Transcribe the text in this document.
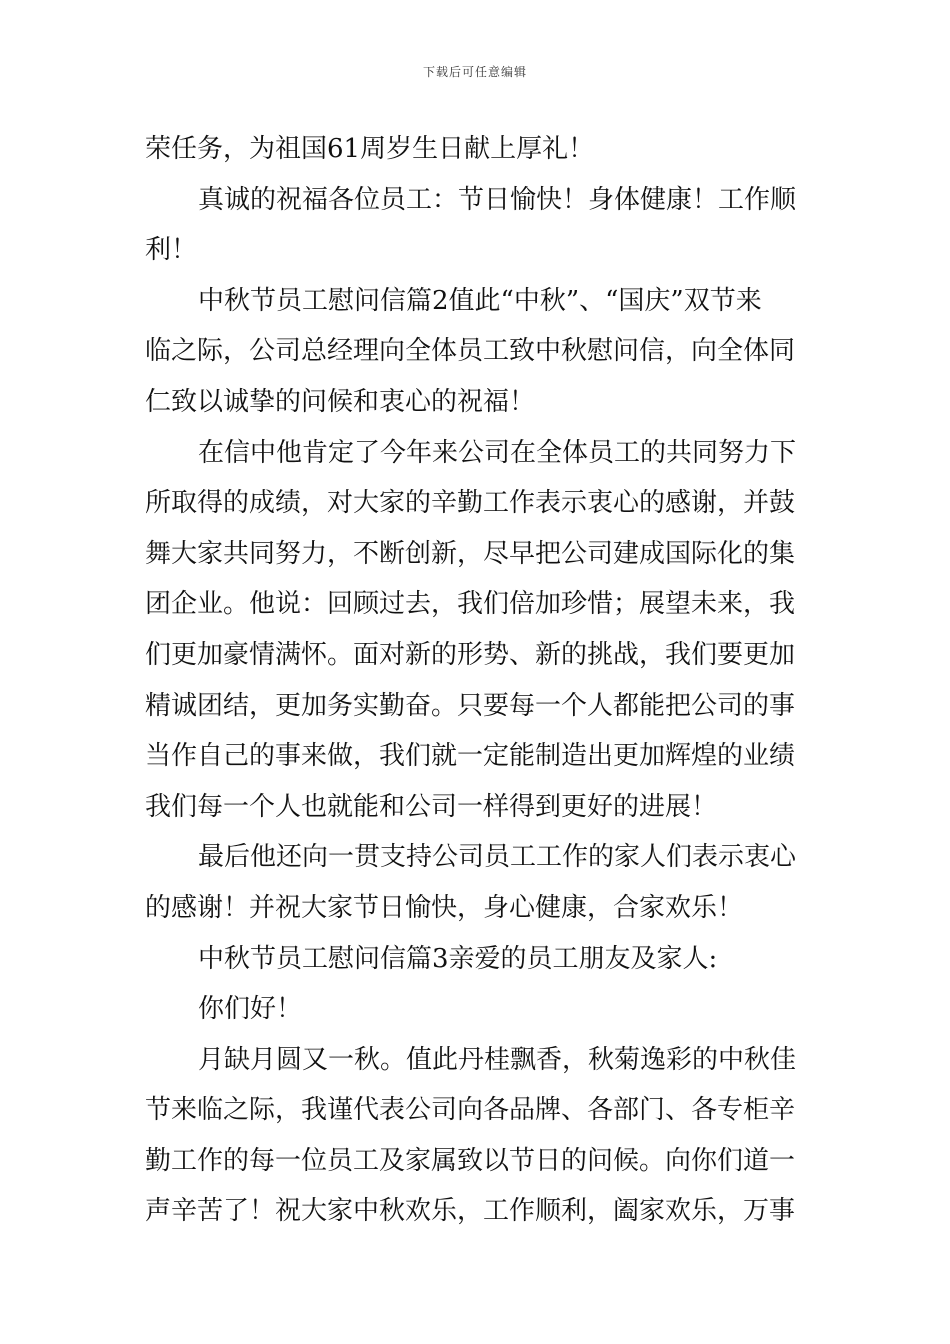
下载后可任意编辑
荣任务，为祖国61周岁生日献上厚礼！
真诚的祝福各位员工：节日愉快！身体健康！工作顺
利！
中秋节员工慰问信篇2值此“中秋”、“国庆”双节来
临之际，公司总经理向全体员工致中秋慰问信，向全体同
仁致以诚挚的问候和衷心的祝福！
在信中他肯定了今年来公司在全体员工的共同努力下
所取得的成绩，对大家的辛勤工作表示衷心的感谢，并鼓
舞大家共同努力，不断创新，尽早把公司建成国际化的集
团企业。他说：回顾过去，我们倍加珍惜；展望未来，我
们更加豪情满怀。面对新的形势、新的挑战，我们要更加
精诚团结，更加务实勤奋。只要每一个人都能把公司的事
当作自己的事来做，我们就一定能制造出更加辉煌的业绩
我们每一个人也就能和公司一样得到更好的进展！
最后他还向一贯支持公司员工工作的家人们表示衷心
的感谢！并祝大家节日愉快，身心健康，合家欢乐！
中秋节员工慰问信篇3亲爱的员工朋友及家人:
你们好！
月缺月圆又一秋。值此丹桂飘香，秋菊逸彩的中秋佳
节来临之际，我谨代表公司向各品牌、各部门、各专柜辛
勤工作的每一位员工及家属致以节日的问候。向你们道一
声辛苦了！祝大家中秋欢乐，工作顺利，阖家欢乐，万事
